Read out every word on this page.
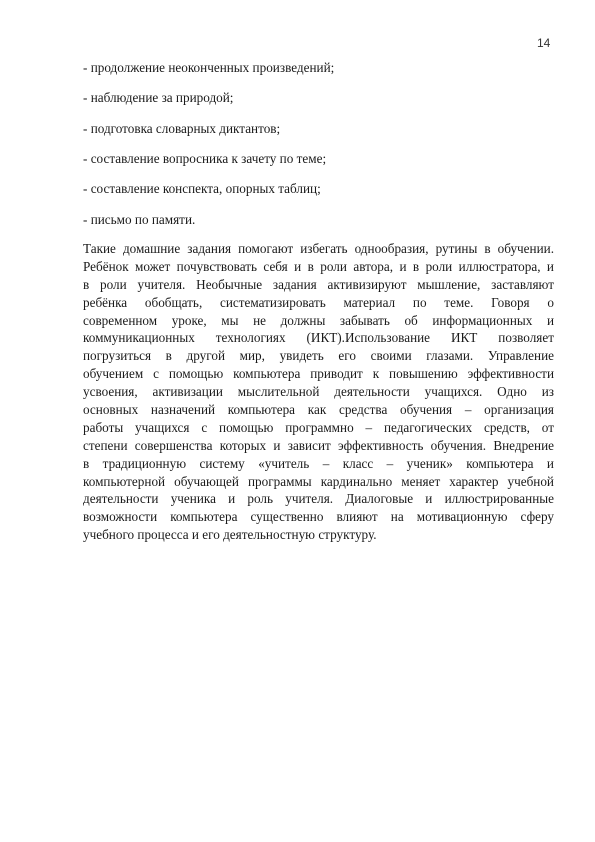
14
- продолжение неоконченных произведений;
- наблюдение за природой;
- подготовка словарных диктантов;
- составление вопросника к зачету по теме;
- составление конспекта, опорных таблиц;
- письмо по памяти.
Такие домашние задания помогают избегать однообразия, рутины в обучении.
Ребёнок может почувствовать себя и в роли автора, и в роли иллюстратора, и
в роли учителя. Необычные задания активизируют мышление, заставляют
ребёнка обобщать, систематизировать материал по теме. Говоря о
современном уроке, мы не должны забывать об информационных и
коммуникационных технологиях (ИКТ).Использование ИКТ позволяет
погрузиться в другой мир, увидеть его своими глазами. Управление
обучением с помощью компьютера приводит к повышению эффективности
усвоения, активизации мыслительной деятельности учащихся. Одно из
основных назначений компьютера как средства обучения – организация
работы учащихся с помощью программно – педагогических средств, от
степени совершенства которых и зависит эффективность обучения. Внедрение
в традиционную систему «учитель – класс – ученик» компьютера и
компьютерной обучающей программы кардинально меняет характер учебной
деятельности ученика и роль учителя. Диалоговые и иллюстрированные
возможности компьютера существенно влияют на мотивационную сферу
учебного процесса и его деятельностную структуру.
